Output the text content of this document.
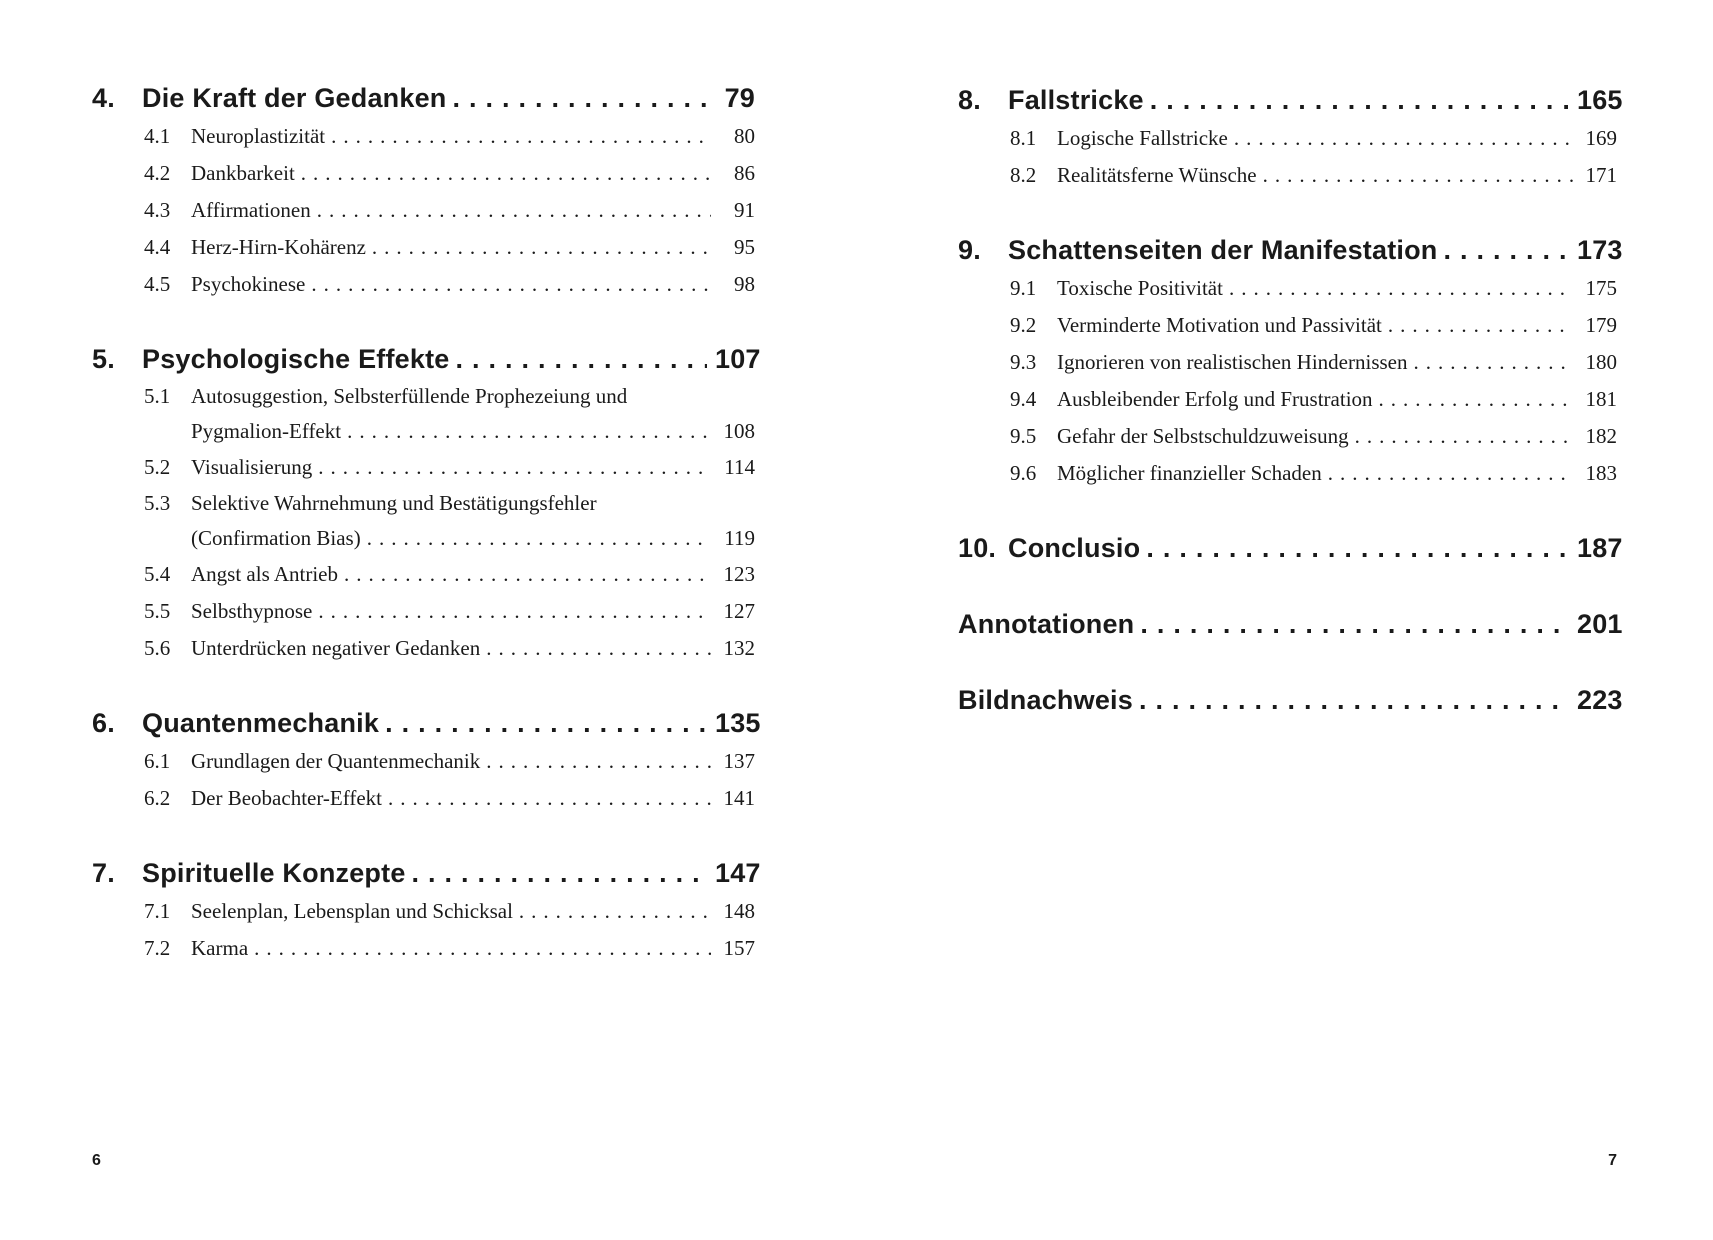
4.	Die Kraft der Gedanken .....	79
4.1 Neuroplastizität .....	80
4.2 Dankbarkeit .....	86
4.3 Affirmationen .....	91
4.4 Herz-Hirn-Kohärenz .....	95
4.5 Psychokinese .....	98
5.	Psychologische Effekte .....	107
5.1 Autosuggestion, Selbsterfüllende Prophezeiung und
Pygmalion-Effekt .....	108
5.2 Visualisierung .....	114
5.3 Selektive Wahrnehmung und Bestätigungsfehler
(Confirmation Bias) .....	119
5.4 Angst als Antrieb .....	123
5.5 Selbsthypnose .....	127
5.6 Unterdrücken negativer Gedanken .....	132
6.	Quantenmechanik .....	135
6.1 Grundlagen der Quantenmechanik .....	137
6.2 Der Beobachter-Effekt .....	141
7.	Spirituelle Konzepte .....	147
7.1 Seelenplan, Lebensplan und Schicksal .....	148
7.2 Karma .....	157
8.	Fallstricke .....	165
8.1 Logische Fallstricke .....	169
8.2 Realitätsferne Wünsche .....	171
9.	Schattenseiten der Manifestation .....	173
9.1 Toxische Positivität .....	175
9.2 Verminderte Motivation und Passivität .....	179
9.3 Ignorieren von realistischen Hindernissen .....	180
9.4 Ausbleibender Erfolg und Frustration .....	181
9.5 Gefahr der Selbstschuldzuweisung .....	182
9.6 Möglicher finanzieller Schaden .....	183
10. Conclusio .....	187
Annotationen .....	201
Bildnachweis .....	223
6	7
